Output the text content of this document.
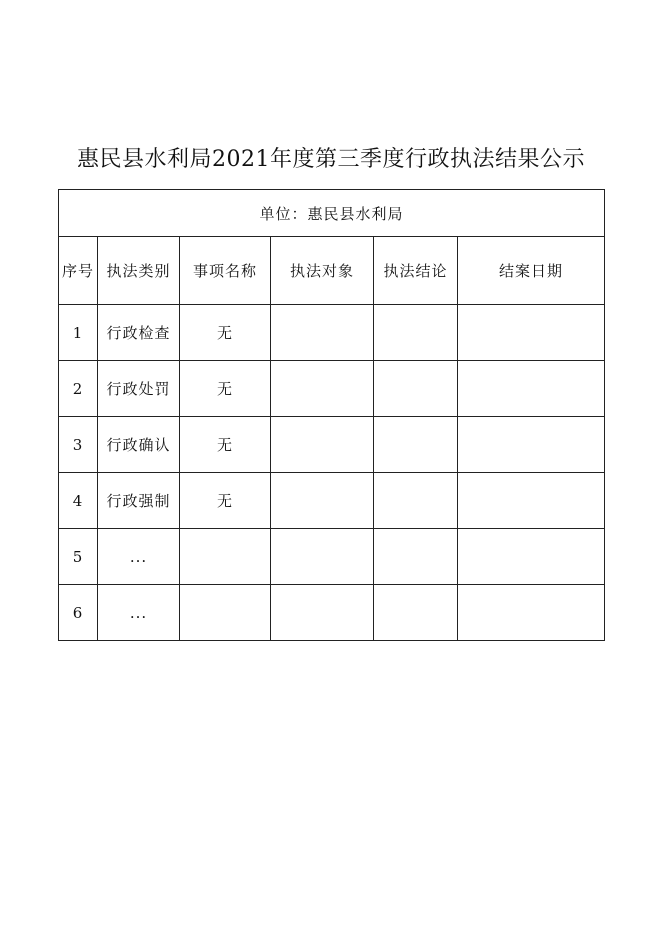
惠民县水利局2021年度第三季度行政执法结果公示
单位：惠民县水利局					
序号	执法类别	事项名称	执法对象	执法结论	结案日期
1	行政检查	无			
2	行政处罚	无			
3	行政确认	无			
4	行政强制	无			
5	...				
6	...				
